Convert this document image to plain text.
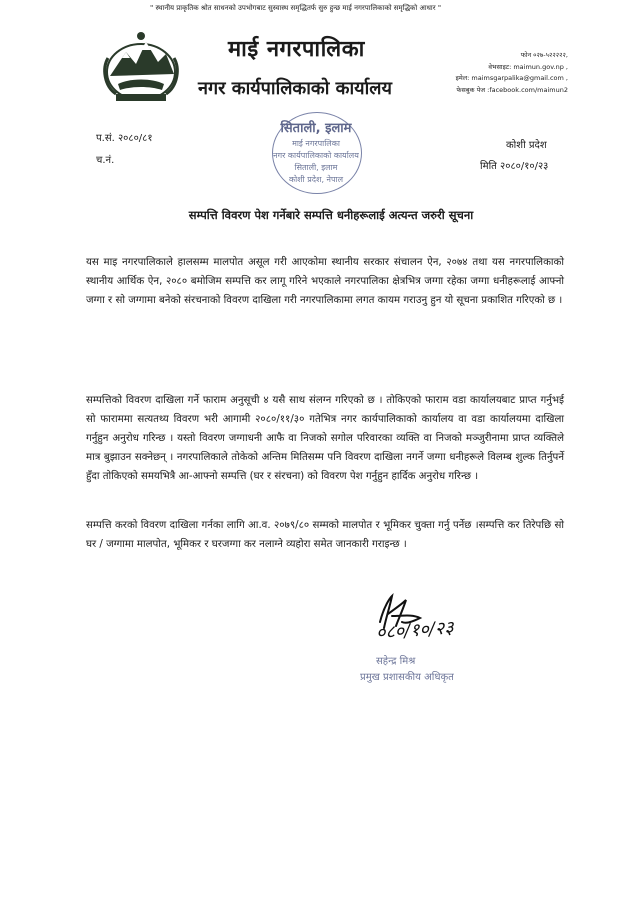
" स्थानीय प्राकृतिक श्रोत साधनको उपभोगबाट सुस्वास्थ समृद्धितर्फ सुरु हुन्छ माई नगरपालिकाको समृद्धिको आधार "
माई नगरपालिका
नगर कार्यपालिकाको कार्यालय
फोन ०२७-५२२२२२,
वेभसाइट: maimun.gov.np ,
इमेल: maimsgarpalika@gmail.com ,
फेसबुक पेज :facebook.com/maimun2
सिताली, इलाम
माई नगरपालिका
नगर कार्यपालिकाको कार्यालय
सिताली, इलाम
कोशी प्रदेश, नेपाल
प.सं. २०८०/८१
च.नं.
कोशी प्रदेश
मिति २०८०/१०/२३
सम्पत्ति विवरण पेश गर्नेबारे सम्पत्ति धनीहरूलाई अत्यन्त जरुरी सूचना
यस माइ नगरपालिकाले हालसम्म मालपोत असूल गरी आएकोमा स्थानीय सरकार संचालन ऐन, २०७४ तथा यस नगरपालिकाको स्थानीय आर्थिक ऐन, २०८० बमोजिम सम्पत्ति कर लागू गरिने भएकाले नगरपालिका क्षेत्रभित्र जग्गा रहेका जग्गा धनीहरूलाई आफ्नो जग्गा र सो जग्गामा बनेको संरचनाको विवरण दाखिला गरी नगरपालिकामा लगत कायम गराउनु हुन यो सूचना प्रकाशित गरिएको छ ।
सम्पत्तिको विवरण दाखिला गर्ने फाराम अनुसूची ४ यसै साथ संलग्न गरिएको छ । तोकिएको फाराम वडा कार्यालयबाट प्राप्त गर्नुभई सो फाराममा सत्यतथ्य विवरण भरी आगामी २०८०/११/३० गतेभित्र नगर कार्यपालिकाको कार्यालय वा वडा कार्यालयमा दाखिला गर्नुहुन अनुरोध गरिन्छ । यस्तो विवरण जग्गाधनी आफै वा निजको सगोल परिवारका व्यक्ति वा निजको मञ्जुरीनामा प्राप्त व्यक्तिले मात्र बुझाउन सक्नेछन् । नगरपालिकाले तोकेको अन्तिम मितिसम्म पनि विवरण दाखिला नगर्ने जग्गा धनीहरूले विलम्ब शुल्क तिर्नुपर्ने हुँदा तोकिएको समयभित्रै आ-आफ्नो सम्पत्ति (घर र संरचना) को विवरण पेश गर्नुहुन हार्दिक अनुरोध गरिन्छ ।
सम्पत्ति करको विवरण दाखिला गर्नका लागि आ.व. २०७९/८० सम्मको मालपोत र भूमिकर चुक्ता गर्नु पर्नेछ ।सम्पत्ति कर तिरेपछि सो घर / जग्गामा मालपोत, भूमिकर र घरजग्गा कर नलाग्ने व्यहोरा समेत जानकारी गराइन्छ ।
०८०/१०/२३
सहेन्द्र मिश्र
प्रमुख प्रशासकीय अधिकृत
